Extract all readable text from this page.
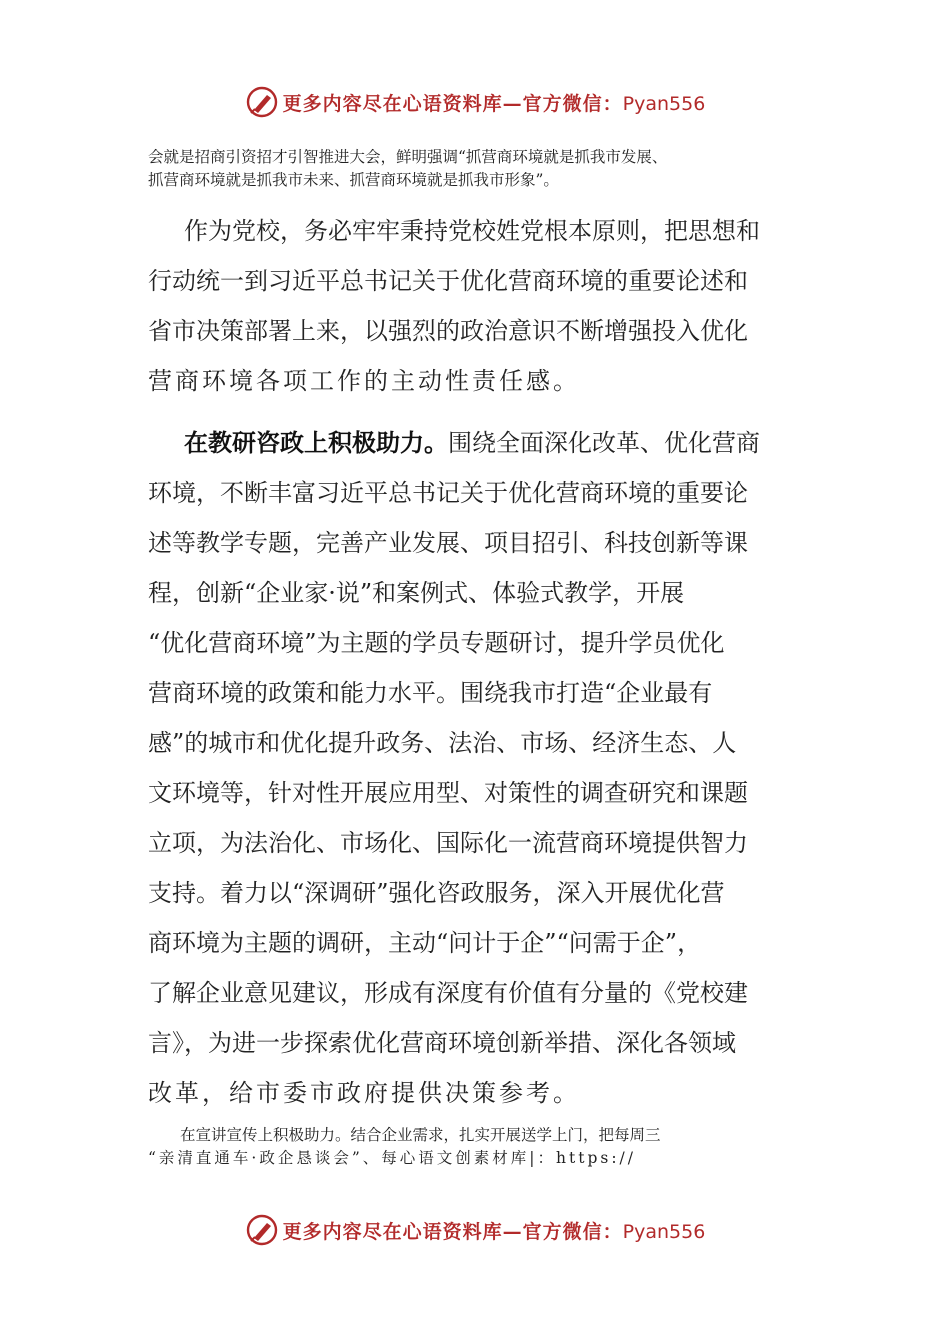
更多内容尽在心语资料库—官方微信：Pyan556
会就是招商引资招才引智推进大会，鲜明强调“抓营商环境就是抓我市发展、
抓营商环境就是抓我市未来、抓营商环境就是抓我市形象”。
作为党校，务必牢牢秉持党校姓党根本原则，把思想和
行动统一到习近平总书记关于优化营商环境的重要论述和
省市决策部署上来，以强烈的政治意识不断增强投入优化
营商环境各项工作的主动性责任感。
在教研咨政上积极助力。围绕全面深化改革、优化营商
环境，不断丰富习近平总书记关于优化营商环境的重要论
述等教学专题，完善产业发展、项目招引、科技创新等课
程，创新“企业家·说”和案例式、体验式教学，开展
“优化营商环境”为主题的学员专题研讨，提升学员优化
营商环境的政策和能力水平。围绕我市打造“企业最有
感”的城市和优化提升政务、法治、市场、经济生态、人
文环境等，针对性开展应用型、对策性的调查研究和课题
立项，为法治化、市场化、国际化一流营商环境提供智力
支持。着力以“深调研”强化咨政服务，深入开展优化营
商环境为主题的调研，主动“问计于企”“问需于企”，
了解企业意见建议，形成有深度有价值有分量的《党校建
言》，为进一步探索优化营商环境创新举措、深化各领域
改革，给市委市政府提供决策参考。
在宣讲宣传上积极助力。结合企业需求，扎实开展送学上门，把每周三
“亲清直通车·政企恳谈会”、每心语文创素材库|：https://
更多内容尽在心语资料库—官方微信：Pyan556
